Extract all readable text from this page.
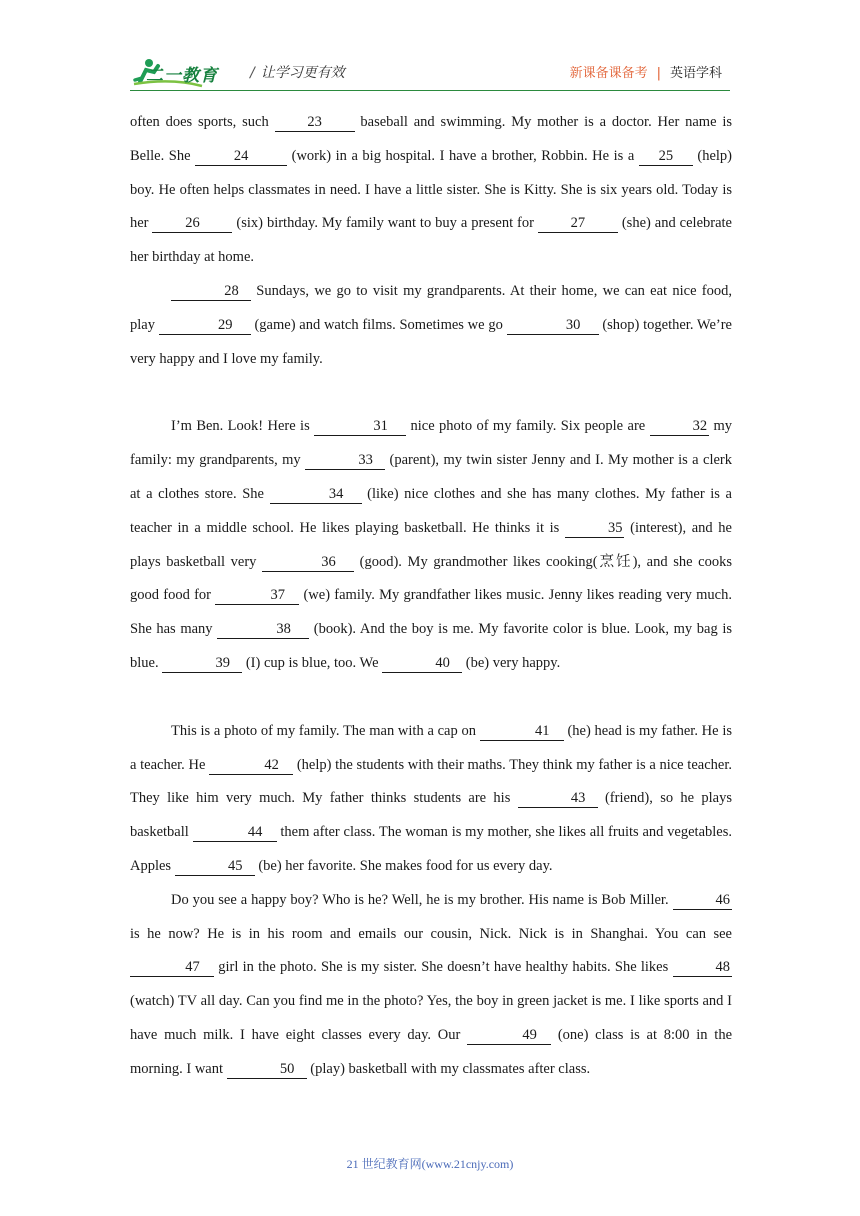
二一教育 / 让学习更有效	新课备课备考 | 英语学科

often does sports, such 23 baseball and swimming. My mother is a doctor. Her name is Belle. She	24	(work) in a big hospital. I have a brother, Robbin. He is a 25 (help) boy. He often helps classmates in need. I have a little sister. She is Kitty. She is six years old. Today is her 26 (six) birthday. My family want to buy a present for 27 (she) and celebrate her birthday at home.

28 Sundays, we go to visit my grandparents. At their home, we can eat nice food, play	29 (game) and watch films. Sometimes we go	30 (shop) together. We’re very happy and I love my family.

I’m Ben. Look! Here is	31 nice photo of my family. Six people are	32 my family: my grandparents, my	33 (parent), my twin sister Jenny and I. My mother is a clerk at a clothes store. She	34 (like) nice clothes and she has many clothes. My father is a teacher in a middle school. He likes playing basketball. He thinks it is	35 (interest), and he plays basketball very	36 (good). My grandmother likes cooking(烹饪), and she cooks good food for	37 (we) family. My grandfather likes music. Jenny likes reading very much. She has many	38 (book). And the boy is me. My favorite color is blue. Look, my bag is blue.	39 (I) cup is blue, too. We	40 (be) very happy.

This is a photo of my family. The man with a cap on	41 (he) head is my father. He is a teacher. He	42 (help) the students with their maths. They think my father is a nice teacher. They like him very much. My father thinks students are his	43 (friend), so he plays basketball	44 them after class. The woman is my mother, she likes all fruits and vegetables. Apples	45 (be) her favorite. She makes food for us every day.

Do you see a happy boy? Who is he? Well, he is my brother. His name is Bob Miller.	46 is he now? He is in his room and emails our cousin, Nick. Nick is in Shanghai. You can see 47 girl in the photo. She is my sister. She doesn’t have healthy habits. She likes	48 (watch) TV all day. Can you find me in the photo? Yes, the boy in green jacket is me. I like sports and I have much milk. I have eight classes every day. Our	49 (one) class is at 8:00 in the morning. I want	50 (play) basketball with my classmates after class.

21 世纪教育网(www.21cnjy.com)
